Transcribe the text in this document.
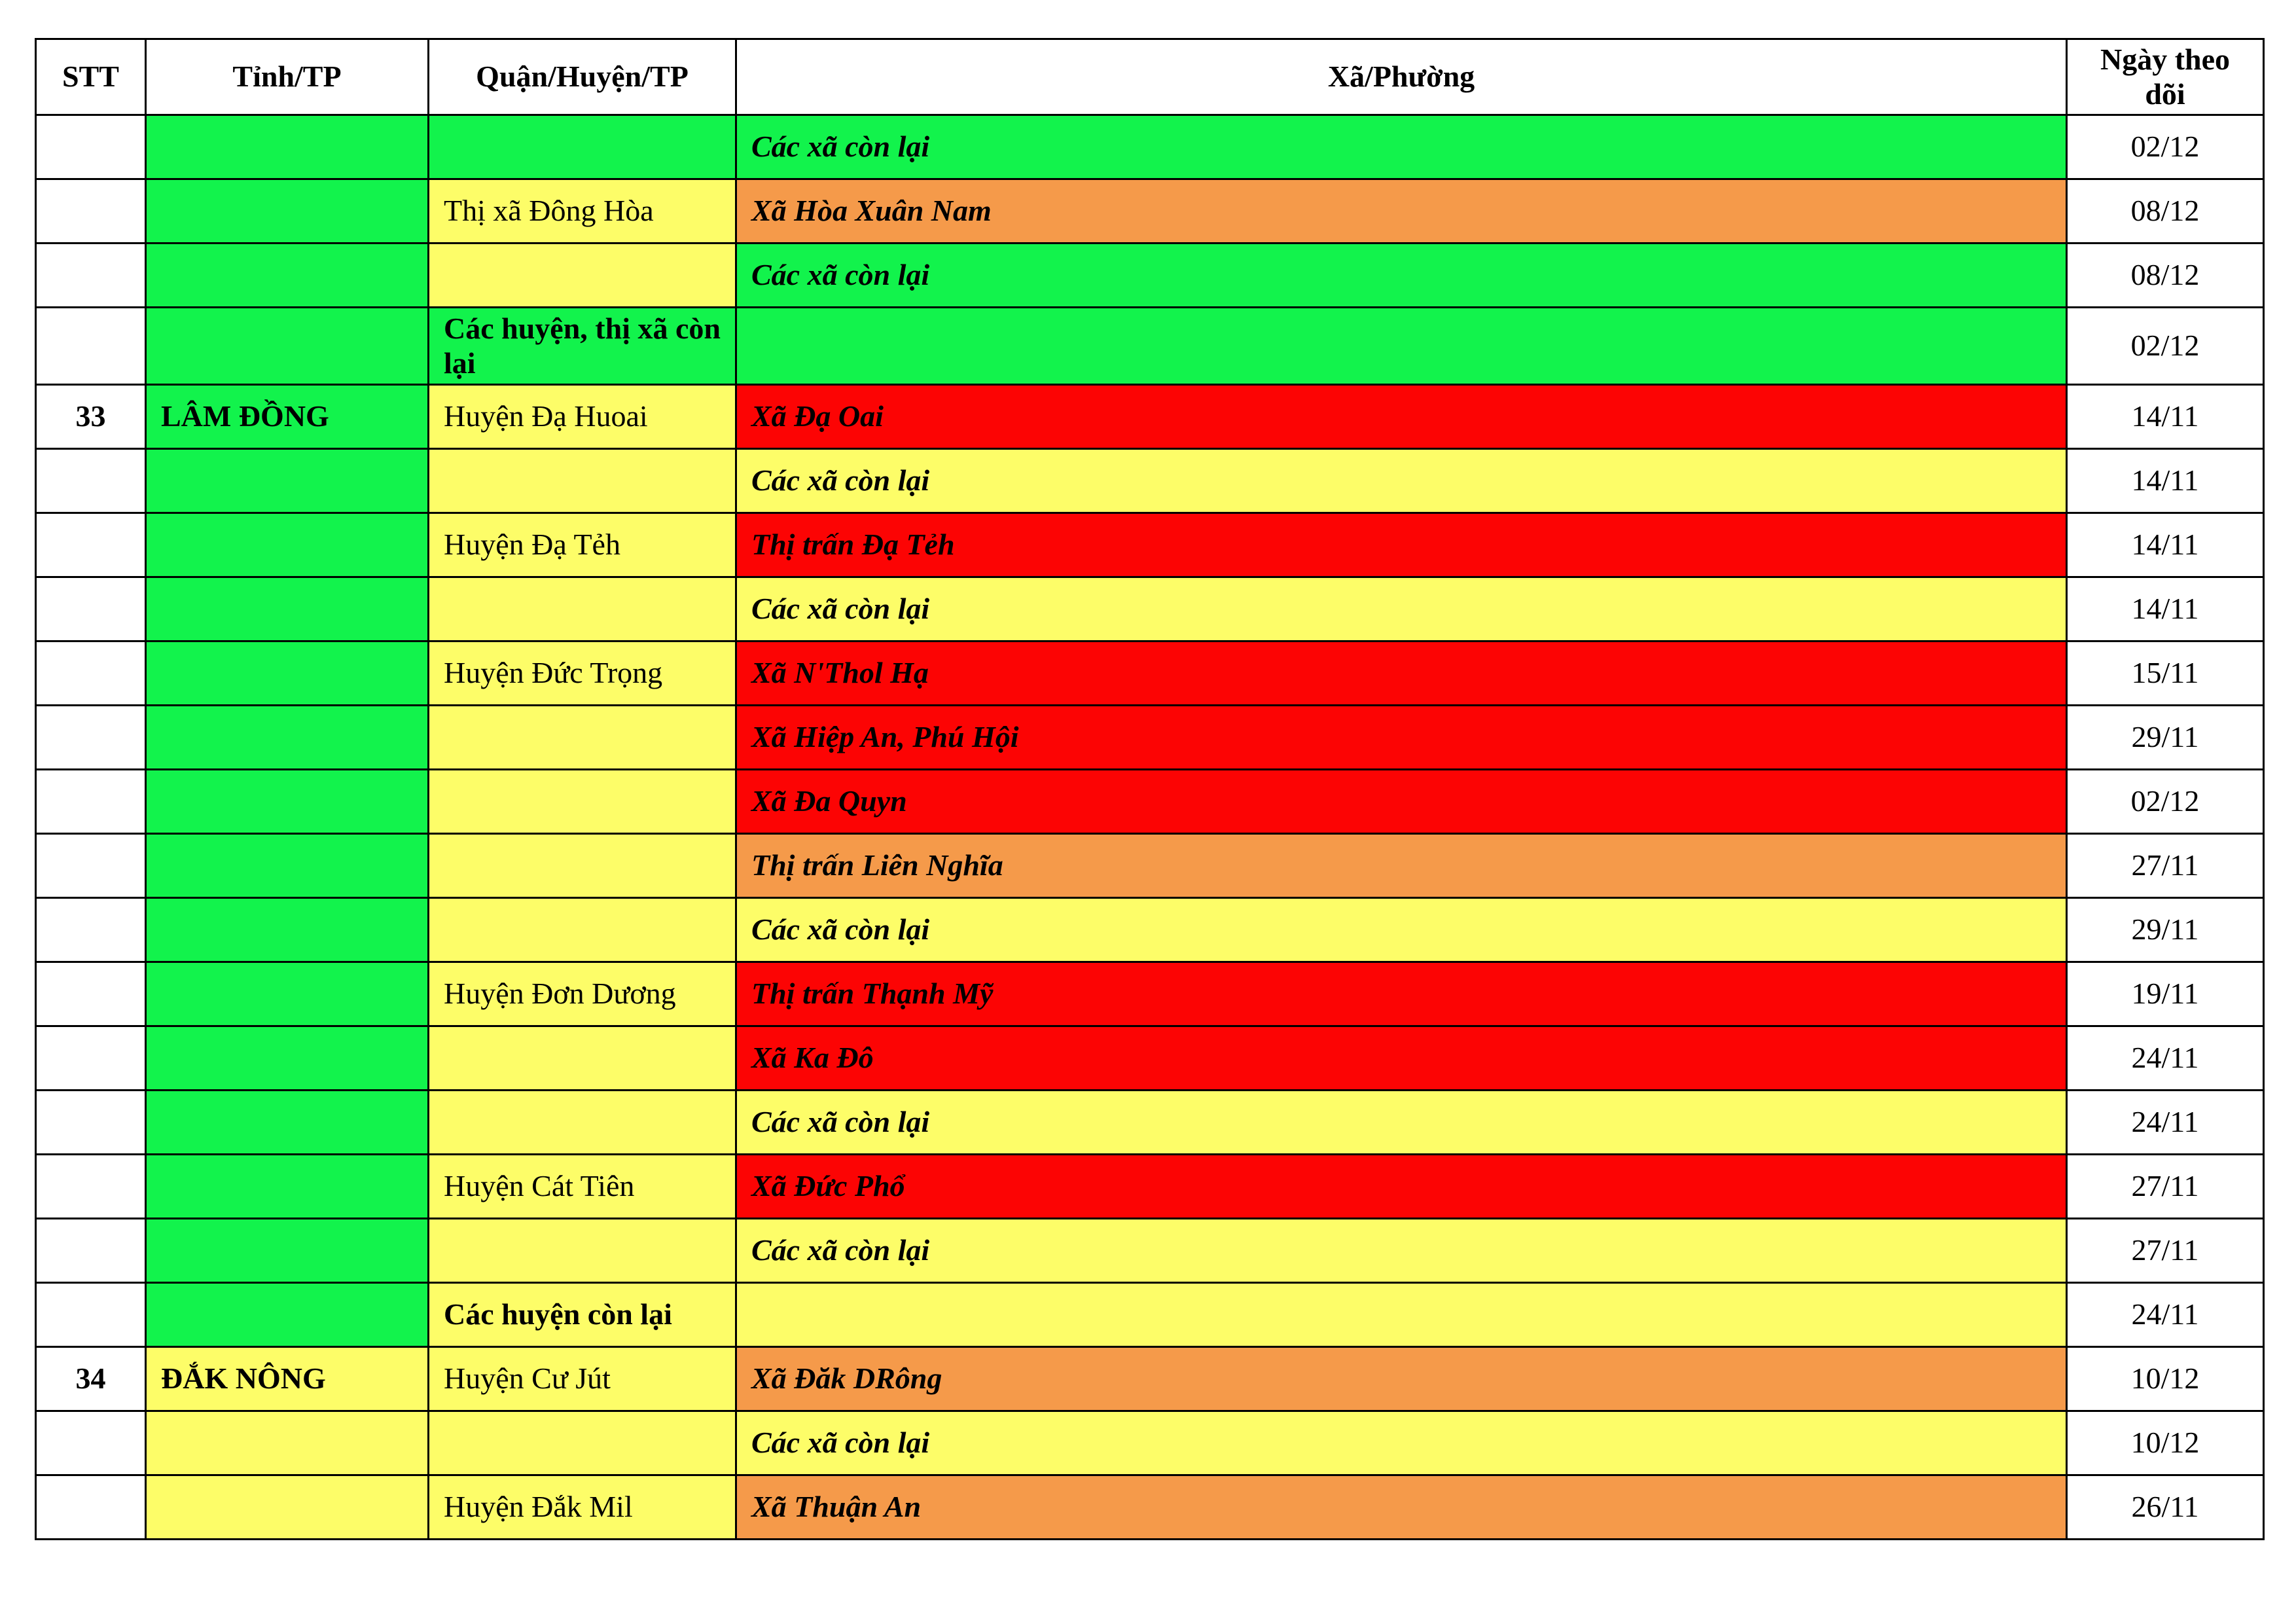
STT	Tỉnh/TP	Quận/Huyện/TP	Xã/Phường	Ngày theo dõi
			Các xã còn lại	02/12
		Thị xã Đông Hòa	Xã Hòa Xuân Nam	08/12
			Các xã còn lại	08/12
		Các huyện, thị xã còn lại		02/12
33	LÂM ĐỒNG	Huyện Đạ Huoai	Xã Đạ Oai	14/11
			Các xã còn lại	14/11
		Huyện Đạ Tẻh	Thị trấn Đạ Tẻh	14/11
			Các xã còn lại	14/11
		Huyện Đức Trọng	Xã N'Thol Hạ	15/11
			Xã Hiệp An, Phú Hội	29/11
			Xã Đa Quyn	02/12
			Thị trấn Liên Nghĩa	27/11
			Các xã còn lại	29/11
		Huyện Đơn Dương	Thị trấn Thạnh Mỹ	19/11
			Xã Ka Đô	24/11
			Các xã còn lại	24/11
		Huyện Cát Tiên	Xã Đức Phổ	27/11
			Các xã còn lại	27/11
		Các huyện còn lại		24/11
34	ĐẮK NÔNG	Huyện Cư Jút	Xã Đăk DRông	10/12
			Các xã còn lại	10/12
		Huyện Đắk Mil	Xã Thuận An	26/11
